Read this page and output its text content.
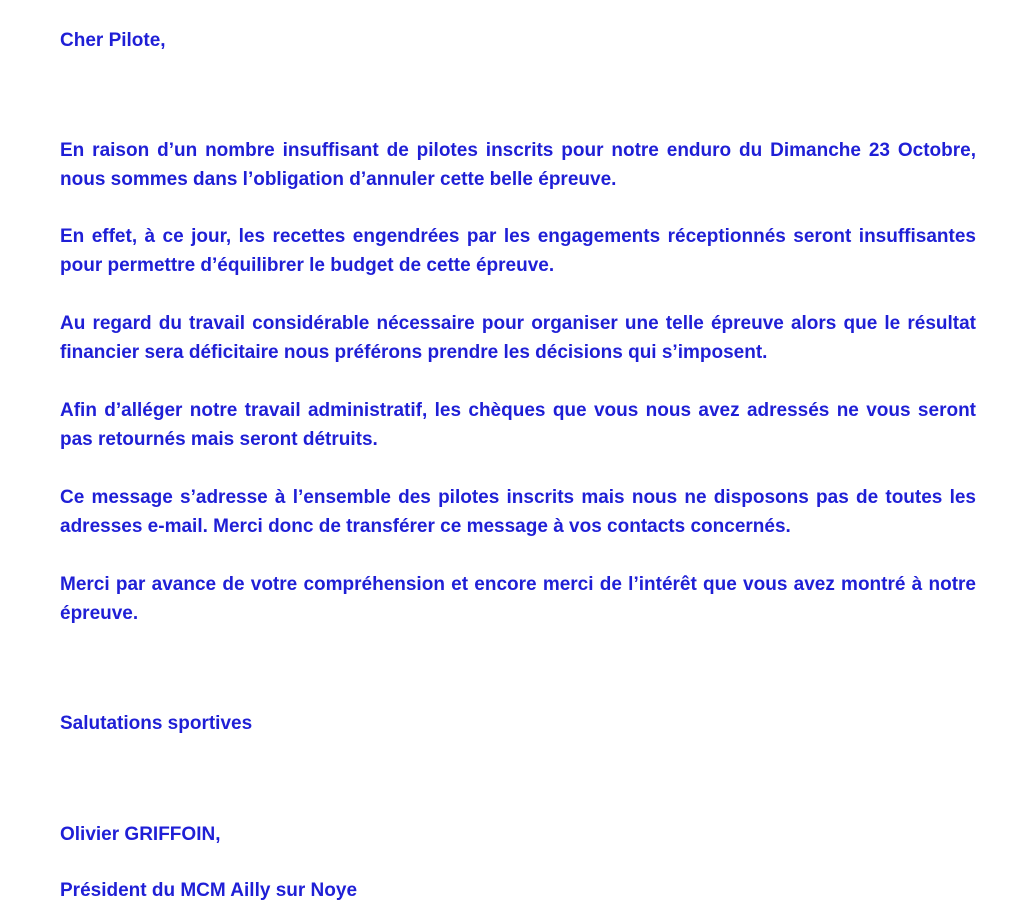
Cher Pilote,
En raison d’un nombre insuffisant de pilotes inscrits pour notre enduro du Dimanche 23 Octobre, nous sommes dans l’obligation d’annuler cette belle épreuve.
En effet, à ce jour, les recettes engendrées par les engagements réceptionnés seront insuffisantes pour permettre d’équilibrer le budget de cette épreuve.
Au regard du travail considérable nécessaire pour organiser une telle épreuve alors que le résultat financier sera déficitaire nous préférons prendre les décisions qui s’imposent.
Afin d’alléger notre travail administratif, les chèques que vous nous avez adressés ne vous seront pas retournés mais seront détruits.
Ce message s’adresse à l’ensemble des pilotes inscrits mais nous ne disposons pas de toutes les adresses e-mail. Merci donc de transférer ce message à vos contacts concernés.
Merci par avance de votre compréhension et encore merci de l’intérêt que vous avez montré à notre épreuve.
Salutations sportives
Olivier GRIFFOIN,
Président du MCM Ailly sur Noye
